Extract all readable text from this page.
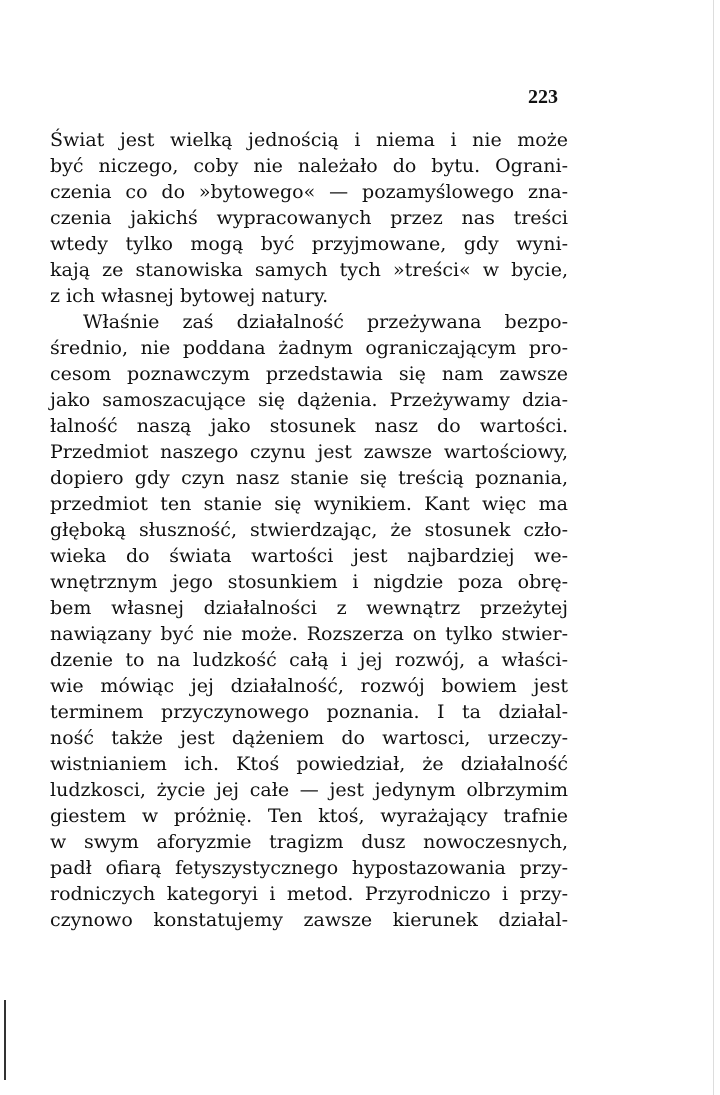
223
Świat jest wielką jednością i niema i nie może
być niczego, coby nie należało do bytu. Ograni-
czenia co do »bytowego« — pozamyślowego zna-
czenia jakichś wypracowanych przez nas treści
wtedy tylko mogą być przyjmowane, gdy wyni-
kają ze stanowiska samych tych »treści« w bycie,
z ich własnej bytowej natury.
Właśnie zaś działalność przeżywana bezpo-
średnio, nie poddana żadnym ograniczającym pro-
cesom poznawczym przedstawia się nam zawsze
jako samoszacujące się dążenia. Przeżywamy dzia-
łalność naszą jako stosunek nasz do wartości.
Przedmiot naszego czynu jest zawsze wartościowy,
dopiero gdy czyn nasz stanie się treścią poznania,
przedmiot ten stanie się wynikiem. Kant więc ma
głęboką słuszność, stwierdzając, że stosunek czło-
wieka do świata wartości jest najbardziej we-
wnętrznym jego stosunkiem i nigdzie poza obrę-
bem własnej działalności z wewnątrz przeżytej
nawiązany być nie może. Rozszerza on tylko stwier-
dzenie to na ludzkość całą i jej rozwój, a właści-
wie mówiąc jej działalność, rozwój bowiem jest
terminem przyczynowego poznania. I ta działal-
ność także jest dążeniem do wartosci, urzeczy-
wistnianiem ich. Ktoś powiedział, że działalność
ludzkosci, życie jej całe — jest jedynym olbrzymim
giestem w próżnię. Ten ktoś, wyrażający trafnie
w swym aforyzmie tragizm dusz nowoczesnych,
padł ofiarą fetyszystycznego hypostazowania przy-
rodniczych kategoryi i metod. Przyrodniczo i przy-
czynowo konstatujemy zawsze kierunek działal-
